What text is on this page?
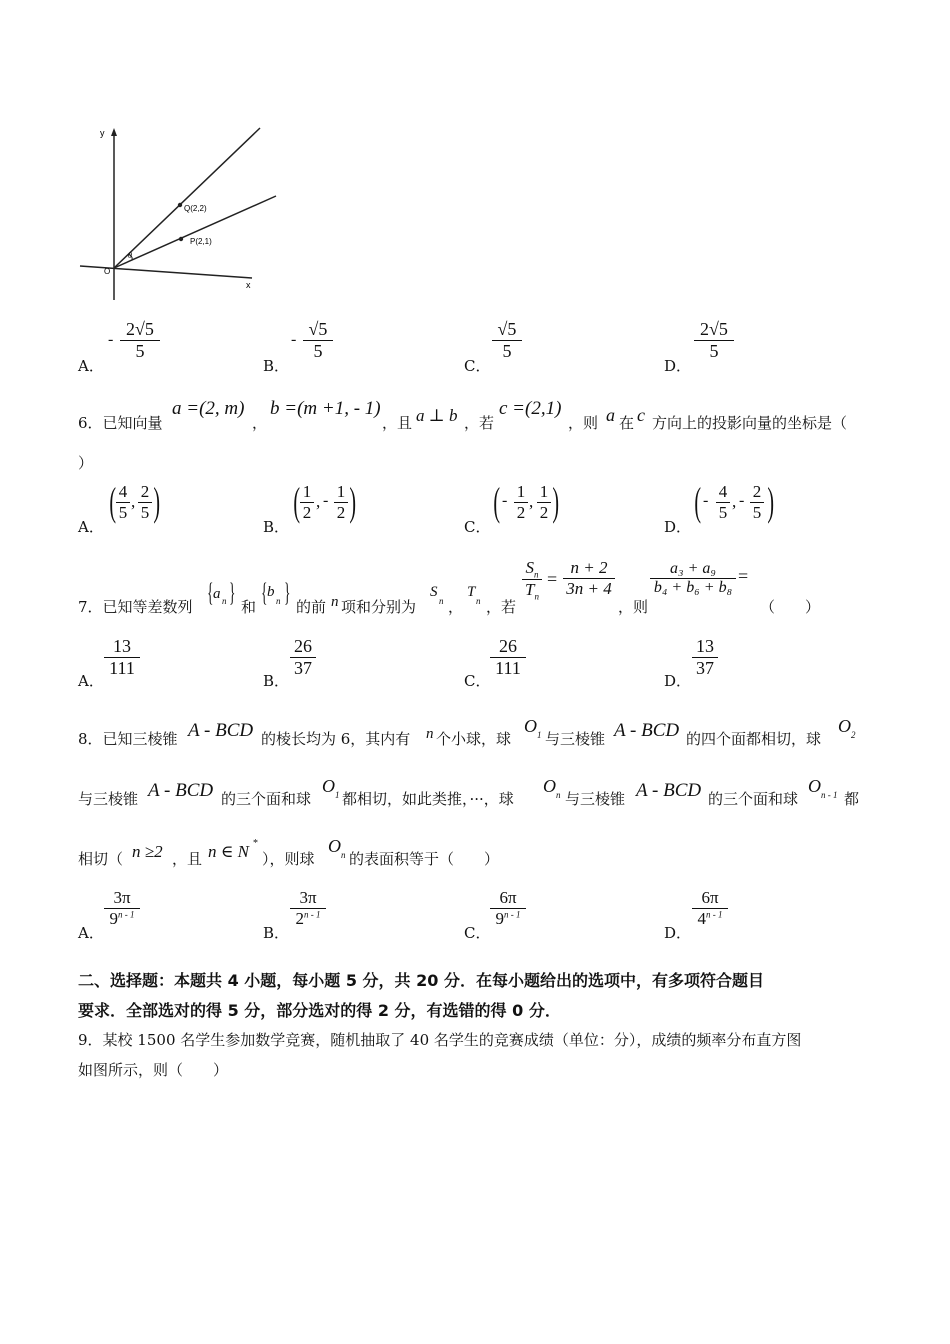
y
x
O
Q(2,2)
P(2,1)
θ
A．
-
2√5
5
B．
-
√5
5
C．
√5
5
D．
2√5
5
6．已知向量
a =(2, m)
，
b =(m +1, - 1)
，且 a ⊥ b ，若
c =(2,1)
，则 a 在 c 方向上的投影向量的坐标是（
）
A．
( 4
5
,
2
5 )
B．
( 1
2
, - 1
2 )
C．
( - 1
2
,
1
2 )
D．
( - 4
5
, - 2
5 )
7．已知等差数列 { a n } 和 { b
n } 的前 n 项和分别为
S
n ，
T
n ，若
$S_n$
$T_n$
=
n + 2
3n + 4
，则
a₃ + a₉
b₄ + b₆ + b₈
=
（　　）
A．
13
111
B．
26
37
C．
26
111
D．
13
37
8．已知三棱锥 A - BCD 的棱长均为 6，其内有 n 个小球，球
O 1 与三棱锥 A - BCD 的四个面都相切，球
O 2
与三棱锥 A - BCD 的三个面和球
O 1 都相切，如此类推，···，球
O n 与三棱锥 A - BCD 的三个面和球
O n - 1 都
相切（ n ≥2 ，且 n ∈ N *
），则球
O n 的表面积等于（　　）
A．
3π
9$^{n - 1}$
B．
3π
2$^{n - 1}$
C．
6π
9$^{n - 1}$
D．
6π
4$^{n - 1}$
二、选择题：本题共 4 小题，每小题 5 分，共 20 分．在每小题给出的选项中，有多项符合题目
要求．全部选对的得 5 分，部分选对的得 2 分，有选错的得 0 分．
9．某校 1500 名学生参加数学竞赛，随机抽取了 40 名学生的竞赛成绩（单位：分），成绩的频率分布直方图
如图所示，则（　　）
